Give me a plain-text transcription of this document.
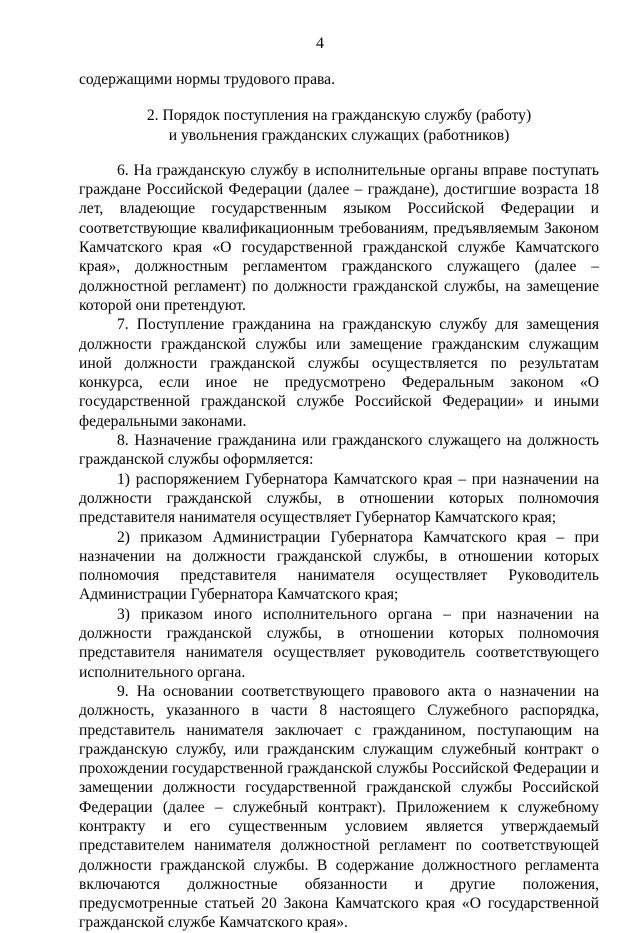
4

содержащими нормы трудового права.

2. Порядок поступления на гражданскую службу (работу)
и увольнения гражданских служащих (работников)

6. На гражданскую службу в исполнительные органы вправе поступать граждане Российской Федерации (далее – граждане), достигшие возраста 18 лет, владеющие государственным языком Российской Федерации и соответствующие квалификационным требованиям, предъявляемым Законом Камчатского края «О государственной гражданской службе Камчатского края», должностным регламентом гражданского служащего (далее – должностной регламент) по должности гражданской службы, на замещение которой они претендуют.

7. Поступление гражданина на гражданскую службу для замещения должности гражданской службы или замещение гражданским служащим иной должности гражданской службы осуществляется по результатам конкурса, если иное не предусмотрено Федеральным законом «О государственной гражданской службе Российской Федерации» и иными федеральными законами.

8. Назначение гражданина или гражданского служащего на должность гражданской службы оформляется:

1) распоряжением Губернатора Камчатского края – при назначении на должности гражданской службы, в отношении которых полномочия представителя нанимателя осуществляет Губернатор Камчатского края;

2) приказом Администрации Губернатора Камчатского края – при назначении на должности гражданской службы, в отношении которых полномочия представителя нанимателя осуществляет Руководитель Администрации Губернатора Камчатского края;

3) приказом иного исполнительного органа – при назначении на должности гражданской службы, в отношении которых полномочия представителя нанимателя осуществляет руководитель соответствующего исполнительного органа.

9. На основании соответствующего правового акта о назначении на должность, указанного в части 8 настоящего Служебного распорядка, представитель нанимателя заключает с гражданином, поступающим на гражданскую службу, или гражданским служащим служебный контракт о прохождении государственной гражданской службы Российской Федерации и замещении должности государственной гражданской службы Российской Федерации (далее – служебный контракт). Приложением к служебному контракту и его существенным условием является утверждаемый представителем нанимателя должностной регламент по соответствующей должности гражданской службы. В содержание должностного регламента включаются должностные обязанности и другие положения, предусмотренные статьей 20 Закона Камчатского края «О государственной гражданской службе Камчатского края».
